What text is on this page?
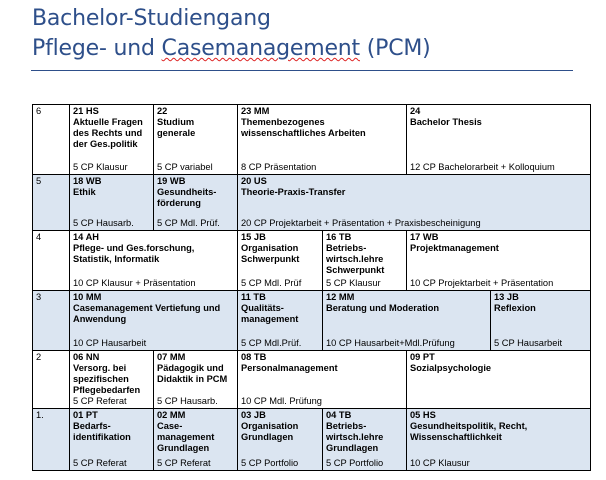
Bachelor-Studiengang
Pflege- und Casemanagement (PCM)
6	21 HS
Aktuelle Fragen des Rechts und der Ges.politik
5 CP Klausur	22
Studium generale
5 CP variabel	23 MM
Themenbezogenes wissenschaftliches Arbeiten
8 CP Präsentation		24
Bachelor Thesis
12 CP Bachelorarbeit + Kolloquium	

5	18 WB
Ethik
5 CP Hausarb.	19 WB
Gesundheits-förderung
5 CP Mdl. Prüf.	20 US
Theorie-Praxis-Transfer
20 CP Projektarbeit + Präsentation + Praxisbescheinigung			

4	14 AH
Pflege- und Ges.forschung, Statistik, Informatik
10 CP Klausur + Präsentation		15 JB
Organisation Schwerpunkt
5 CP Mdl. Prüf	16 TB
Betriebs-wirtsch.lehre Schwerpunkt
5 CP Klausur	17 WB
Projektmanagement
10 CP Projektarbeit + Präsentation	

3	10 MM
Casemanagement Vertiefung und Anwendung
10 CP Hausarbeit		11 TB
Qualitäts-management
5 CP Mdl.Prüf.	12 MM
Beratung und Moderation
10 CP Hausarbeit+Mdl.Prüfung		13 JB
Reflexion
5 CP Hausarbeit

2	06 NN
Versorg. bei spezifischen Pflegebedarfen
5 CP Referat	07 MM
Pädagogik und Didaktik in PCM
5 CP Hausarb.	08 TB
Personalmanagement
10 CP Mdl. Prüfung		09 PT
Sozialpsychologie	

1.	01 PT
Bedarfs-identifikation
5 CP Referat	02 MM
Case-management Grundlagen
5 CP Referat	03 JB
Organisation Grundlagen
5 CP Portfolio	04 TB
Betriebs-wirtsch.lehre Grundlagen
5 CP Portfolio	05 HS
Gesundheitspolitik, Recht, Wissenschaftlichkeit
10 CP Klausur	
